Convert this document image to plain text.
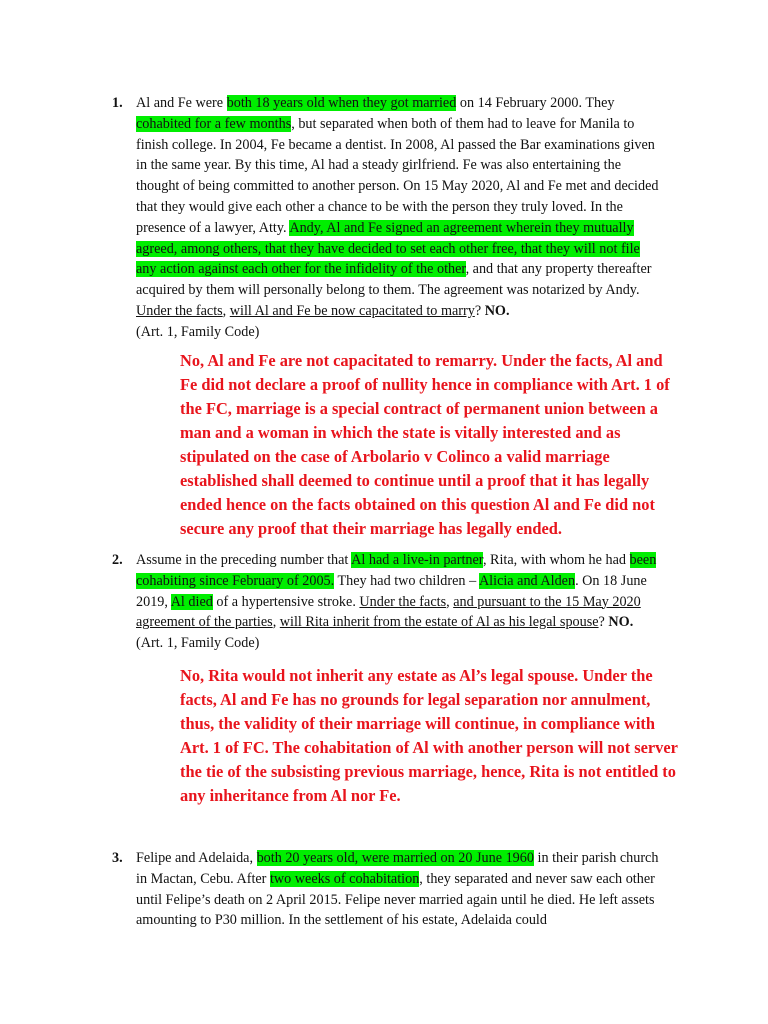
1. Al and Fe were both 18 years old when they got married on 14 February 2000. They cohabited for a few months, but separated when both of them had to leave for Manila to finish college. In 2004, Fe became a dentist. In 2008, Al passed the Bar examinations given in the same year. By this time, Al had a steady girlfriend. Fe was also entertaining the thought of being committed to another person. On 15 May 2020, Al and Fe met and decided that they would give each other a chance to be with the person they truly loved. In the presence of a lawyer, Atty. Andy, Al and Fe signed an agreement wherein they mutually agreed, among others, that they have decided to set each other free, that they will not file any action against each other for the infidelity of the other, and that any property thereafter acquired by them will personally belong to them. The agreement was notarized by Andy. Under the facts, will Al and Fe be now capacitated to marry? NO.
(Art. 1, Family Code)
No, Al and Fe are not capacitated to remarry. Under the facts, Al and Fe did not declare a proof of nullity hence in compliance with Art. 1 of the FC, marriage is a special contract of permanent union between a man and a woman in which the state is vitally interested and as stipulated on the case of Arbolario v Colinco a valid marriage established shall deemed to continue until a proof that it has legally ended hence on the facts obtained on this question Al and Fe did not secure any proof that their marriage has legally ended.
2. Assume in the preceding number that Al had a live-in partner, Rita, with whom he had been cohabiting since February of 2005. They had two children – Alicia and Alden. On 18 June 2019, Al died of a hypertensive stroke. Under the facts, and pursuant to the 15 May 2020 agreement of the parties, will Rita inherit from the estate of Al as his legal spouse? NO. (Art. 1, Family Code)
No, Rita would not inherit any estate as Al’s legal spouse. Under the facts, Al and Fe has no grounds for legal separation nor annulment, thus, the validity of their marriage will continue, in compliance with Art. 1 of FC. The cohabitation of Al with another person will not server the tie of the subsisting previous marriage, hence, Rita is not entitled to any inheritance from Al nor Fe.
3. Felipe and Adelaida, both 20 years old, were married on 20 June 1960 in their parish church in Mactan, Cebu. After two weeks of cohabitation, they separated and never saw each other until Felipe’s death on 2 April 2015. Felipe never married again until he died. He left assets amounting to P30 million. In the settlement of his estate, Adelaida could
